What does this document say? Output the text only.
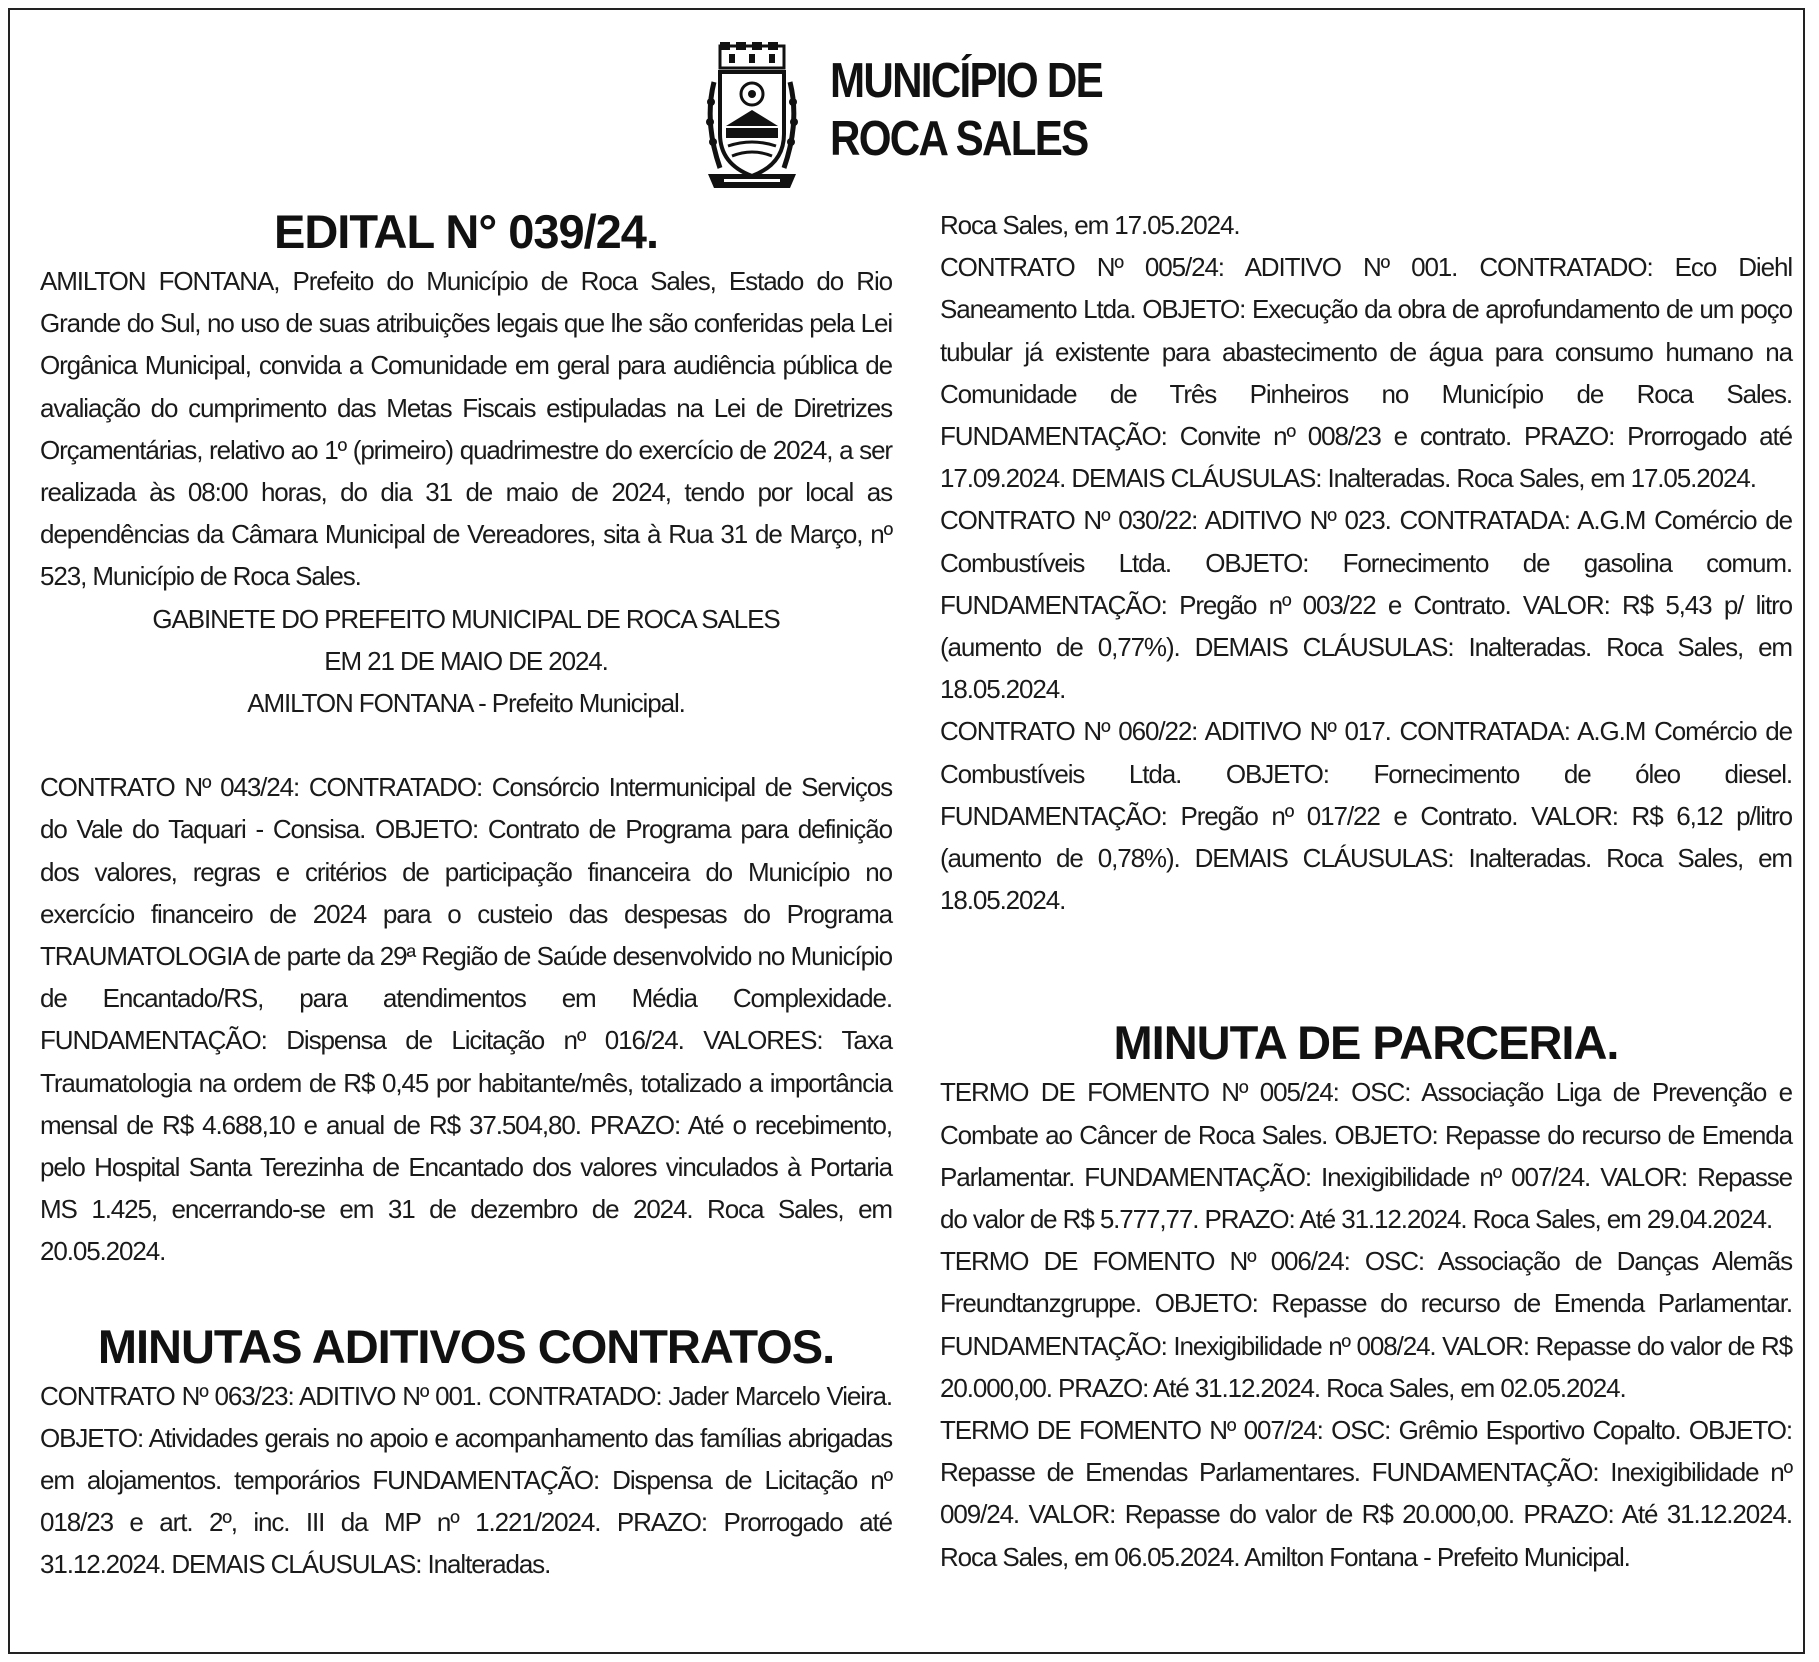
MUNICÍPIO DE
ROCA SALES
EDITAL N° 039/24.

AMILTON FONTANA, Prefeito do Município de Roca Sales, Estado do Rio Grande do Sul, no uso de suas atribuições legais que lhe são conferidas pela Lei Orgânica Municipal, convida a Comunidade em geral para audiência pública de avaliação do cumprimento das Metas Fiscais estipuladas na Lei de Diretrizes Orçamentárias, relativo ao 1º (primeiro) quadrimestre do exercício de 2024, a ser realizada às 08:00 horas, do dia 31 de maio de 2024, tendo por local as dependências da Câmara Municipal de Vereadores, sita à Rua 31 de Março, nº 523, Município de Roca Sales.

GABINETE DO PREFEITO MUNICIPAL DE ROCA SALES

EM 21 DE MAIO DE 2024.

AMILTON FONTANA - Prefeito Municipal.

CONTRATO Nº 043/24: CONTRATADO: Consórcio Intermunicipal de Serviços do Vale do Taquari - Consisa. OBJETO: Contrato de Programa para definição dos valores, regras e critérios de participação financeira do Município no exercício financeiro de 2024 para o custeio das despesas do Programa TRAUMATOLOGIA de parte da 29ª Região de Saúde desenvolvido no Município de Encantado/RS, para atendimentos em Média Complexidade. FUNDAMENTAÇÃO: Dispensa de Licitação nº 016/24. VALORES: Taxa Traumatologia na ordem de R$ 0,45 por habitante/mês, totalizado a importância mensal de R$ 4.688,10 e anual de R$ 37.504,80. PRAZO: Até o recebimento, pelo Hospital Santa Terezinha de Encantado dos valores vinculados à Portaria MS 1.425, encerrando-se em 31 de dezembro de 2024. Roca Sales, em 20.05.2024.

MINUTAS ADITIVOS CONTRATOS.

CONTRATO Nº 063/23: ADITIVO Nº 001. CONTRATADO: Jader Marcelo Vieira. OBJETO: Atividades gerais no apoio e acompanhamento das famílias abrigadas em alojamentos. temporários FUNDAMENTAÇÃO: Dispensa de Licitação nº 018/23 e art. 2º, inc. III da MP nº 1.221/2024. PRAZO: Prorrogado até 31.12.2024. DEMAIS CLÁUSULAS: Inalteradas.

Roca Sales, em 17.05.2024.

CONTRATO Nº 005/24: ADITIVO Nº 001. CONTRATADO: Eco Diehl Saneamento Ltda. OBJETO: Execução da obra de aprofundamento de um poço tubular já existente para abastecimento de água para consumo humano na Comunidade de Três Pinheiros no Município de Roca Sales. FUNDAMENTAÇÃO: Convite nº 008/23 e contrato. PRAZO: Prorrogado até 17.09.2024. DEMAIS CLÁUSULAS: Inalteradas. Roca Sales, em 17.05.2024.

CONTRATO Nº 030/22: ADITIVO Nº 023. CONTRATADA: A.G.M Comércio de Combustíveis Ltda. OBJETO: Fornecimento de gasolina comum. FUNDAMENTAÇÃO: Pregão nº 003/22 e Contrato. VALOR: R$ 5,43 p/ litro (aumento de 0,77%). DEMAIS CLÁUSULAS: Inalteradas. Roca Sales, em 18.05.2024.

CONTRATO Nº 060/22: ADITIVO Nº 017. CONTRATADA: A.G.M Comércio de Combustíveis Ltda. OBJETO: Fornecimento de óleo diesel. FUNDAMENTAÇÃO: Pregão nº 017/22 e Contrato. VALOR: R$ 6,12 p/litro (aumento de 0,78%). DEMAIS CLÁUSULAS: Inalteradas. Roca Sales, em 18.05.2024.

MINUTA DE PARCERIA.

TERMO DE FOMENTO Nº 005/24: OSC: Associação Liga de Prevenção e Combate ao Câncer de Roca Sales. OBJETO: Repasse do recurso de Emenda Parlamentar. FUNDAMENTAÇÃO: Inexigibilidade nº 007/24. VALOR: Repasse do valor de R$ 5.777,77. PRAZO: Até 31.12.2024. Roca Sales, em 29.04.2024.

TERMO DE FOMENTO Nº 006/24: OSC: Associação de Danças Alemãs Freundtanzgruppe. OBJETO: Repasse do recurso de Emenda Parlamentar. FUNDAMENTAÇÃO: Inexigibilidade nº 008/24. VALOR: Repasse do valor de R$ 20.000,00. PRAZO: Até 31.12.2024. Roca Sales, em 02.05.2024.

TERMO DE FOMENTO Nº 007/24: OSC: Grêmio Esportivo Copalto. OBJETO: Repasse de Emendas Parlamentares. FUNDAMENTAÇÃO: Inexigibilidade nº 009/24. VALOR: Repasse do valor de R$ 20.000,00. PRAZO: Até 31.12.2024. Roca Sales, em 06.05.2024. Amilton Fontana - Prefeito Municipal.
